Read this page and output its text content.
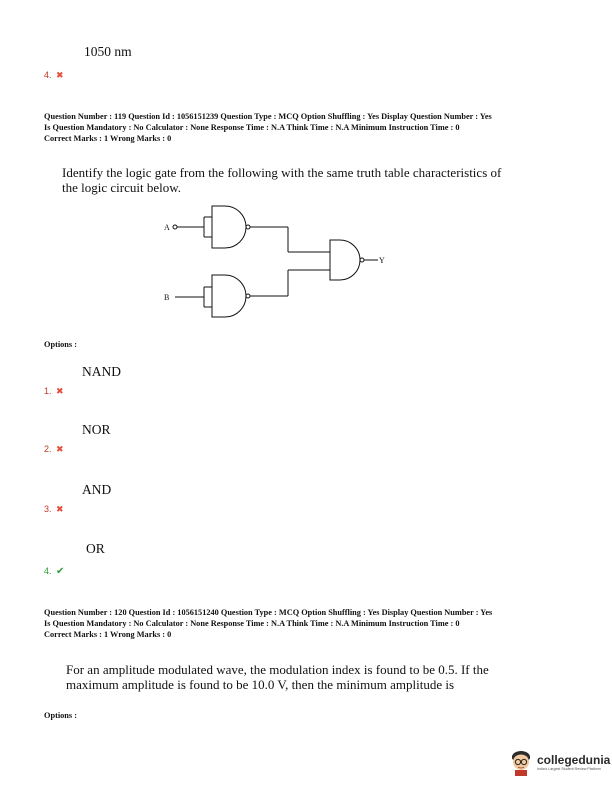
1050 nm
4. ✖
Question Number : 119 Question Id : 1056151239 Question Type : MCQ Option Shuffling : Yes Display Question Number : Yes
Is Question Mandatory : No Calculator : None Response Time : N.A Think Time : N.A Minimum Instruction Time : 0
Correct Marks : 1 Wrong Marks : 0
Identify the logic gate from the following with the same truth table characteristics of
the logic circuit below.
A
B
Y
Options :
NAND
1. ✖
NOR
2. ✖
AND
3. ✖
OR
4. ✔
Question Number : 120 Question Id : 1056151240 Question Type : MCQ Option Shuffling : Yes Display Question Number : Yes
Is Question Mandatory : No Calculator : None Response Time : N.A Think Time : N.A Minimum Instruction Time : 0
Correct Marks : 1 Wrong Marks : 0
For an amplitude modulated wave, the modulation index is found to be 0.5. If the
maximum amplitude is found to be 10.0 V, then the minimum amplitude is
Options :
collegedunia
India's Largest Student Review Platform
